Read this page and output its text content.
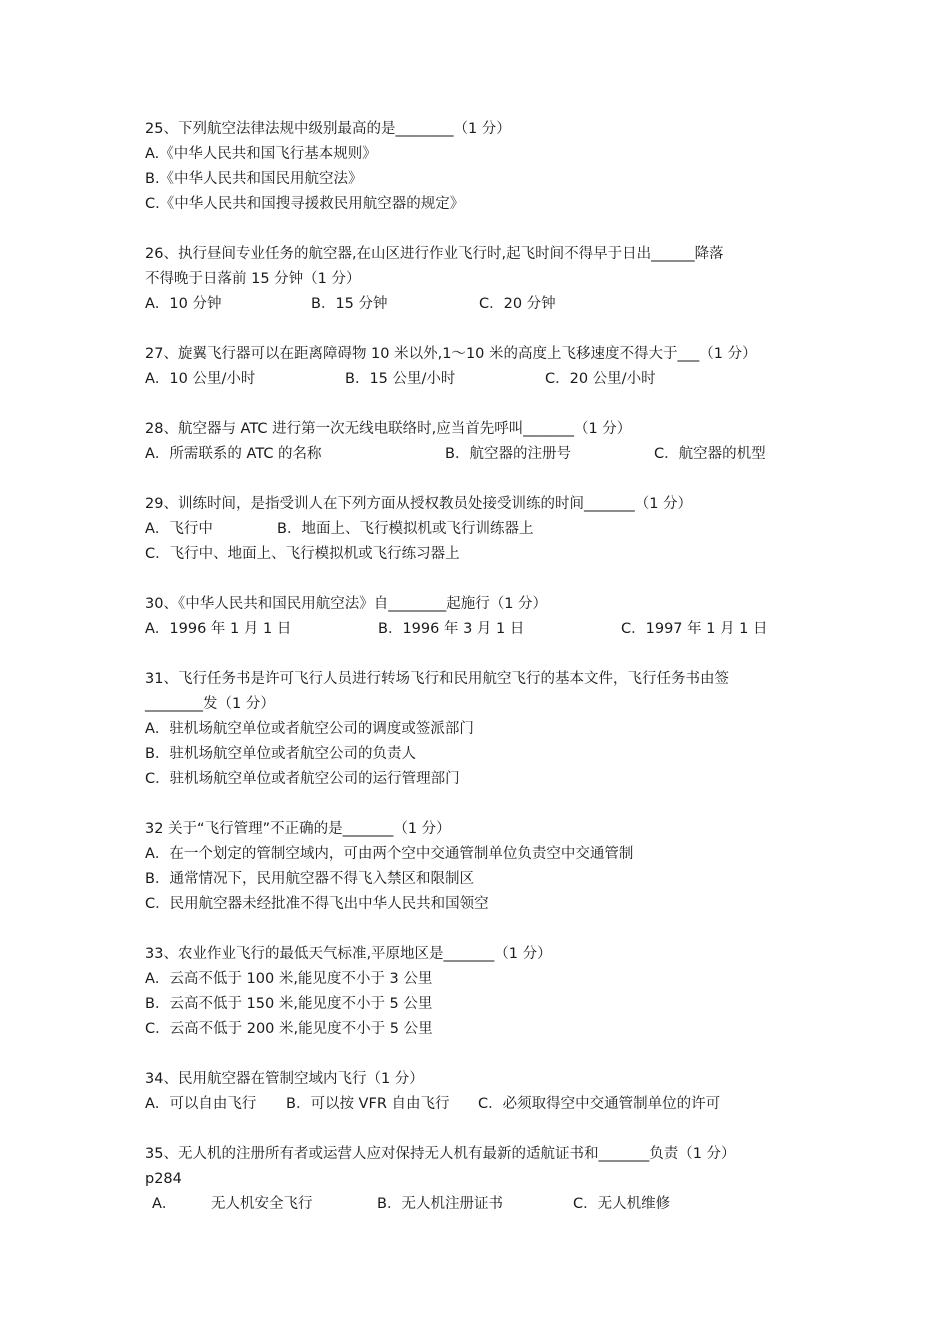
25、下列航空法律法规中级别最高的是________（1 分）
A.《中华人民共和国飞行基本规则》
B.《中华人民共和国民用航空法》
C.《中华人民共和国搜寻援救民用航空器的规定》
26、执行昼间专业任务的航空器,在山区进行作业飞行时,起飞时间不得早于日出______降落
不得晚于日落前 15 分钟（1 分）
A．10 分钟	B．15 分钟	C．20 分钟
27、旋翼飞行器可以在距离障碍物 10 米以外,1～10 米的高度上飞移速度不得大于___（1 分）
A．10 公里/小时	B．15 公里/小时	C．20 公里/小时
28、航空器与 ATC 进行第一次无线电联络时,应当首先呼叫_______（1 分）
A．所需联系的 ATC 的名称	B．航空器的注册号	C．航空器的机型
29、训练时间，是指受训人在下列方面从授权教员处接受训练的时间_______（1 分）
A．飞行中	B．地面上、飞行模拟机或飞行训练器上
C．飞行中、地面上、飞行模拟机或飞行练习器上
30、《中华人民共和国民用航空法》自________起施行（1 分）
A．1996 年 1 月 1 日	B．1996 年 3 月 1 日	C．1997 年 1 月 1 日
31、飞行任务书是许可飞行人员进行转场飞行和民用航空飞行的基本文件，飞行任务书由签
________发（1 分）
A．驻机场航空单位或者航空公司的调度或签派部门
B．驻机场航空单位或者航空公司的负责人
C．驻机场航空单位或者航空公司的运行管理部门
32 关于“飞行管理”不正确的是_______（1 分）
A．在一个划定的管制空域内，可由两个空中交通管制单位负责空中交通管制
B．通常情况下，民用航空器不得飞入禁区和限制区
C．民用航空器未经批准不得飞出中华人民共和国领空
33、农业作业飞行的最低天气标准,平原地区是_______（1 分）
A．云高不低于 100 米,能见度不小于 3 公里
B．云高不低于 150 米,能见度不小于 5 公里
C．云高不低于 200 米,能见度不小于 5 公里
34、民用航空器在管制空域内飞行（1 分）
A．可以自由飞行	B．可以按 VFR 自由飞行	C．必须取得空中交通管制单位的许可
35、无人机的注册所有者或运营人应对保持无人机有最新的适航证书和_______负责（1 分）
p284
A．	无人机安全飞行	B．无人机注册证书	C．无人机维修
